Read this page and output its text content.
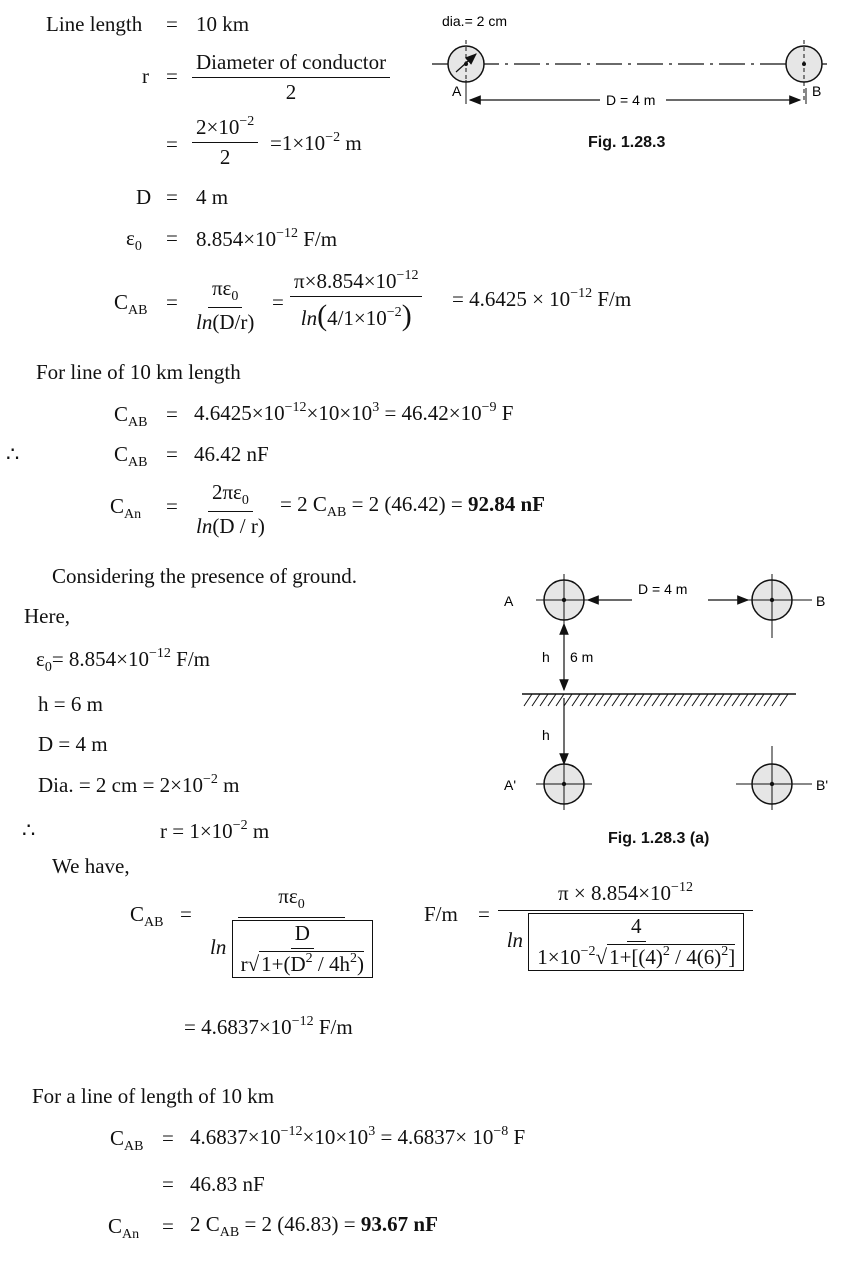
Line length = 10 km
$r = \frac{\text{Diameter of conductor}}{2}$
= $\frac{2\times 10^{-2}}{2} =1\times 10^{-2}$ m
D = 4 m
$\varepsilon_0 = 8.854\times 10^{-12}$ F/m
dia.= 2 cm
A	B
D = 4 m
Fig. 1.28.3
$C_{AB} = \frac{\pi\varepsilon_0}{\ln(D/r)} = \frac{\pi\times 8.854\times 10^{-12}}{\ln(4/1\times 10^{-2})} = 4.6425 \times 10^{-12}$ F/m
For line of 10 km length
$C_{AB} = 4.6425\times 10^{-12}\times 10\times 10^3 = 46.42\times 10^{-9}$ F
∴	$C_{AB} = 46.42$ nF
$C_{An} = \frac{2\pi\varepsilon_0}{\ln(D / r)} = 2$ $C_{AB} = 2$ (46.42) = 92.84 nF
Considering the presence of ground.
Here,
$\varepsilon_0= 8.854\times 10^{-12}$ F/m
h = 6 m
D = 4 m
Dia. = 2 cm = $2\times 10^{-2}$ m
∴	$r = 1\times 10^{-2}$ m
We have,
A	B
D = 4 m
h 6 m
h
A'	B'
Fig. 1.28.3 (a)
$C_{AB} = \frac{\pi\varepsilon_0}{\ln \frac{D}{r√1+(D^2 / 4h^2)}} F/m$ =
$\pi \times 8.854\times 10^{-12}$
$\ln \frac{4}{1\times 10^{-2}√1+[(4)^2 / 4(6)^2]}$
= $4.6837\times 10^{-12}$ F/m
For a line of length of 10 km
$C_{AB} = 4.6837\times 10^{-12}\times 10\times 10^3 = 4.6837\times 10^{-8}$ F
= 46.83 nF
$C_{An} = 2$ $C_{AB} = 2$ (46.83) = 93.67 nF
